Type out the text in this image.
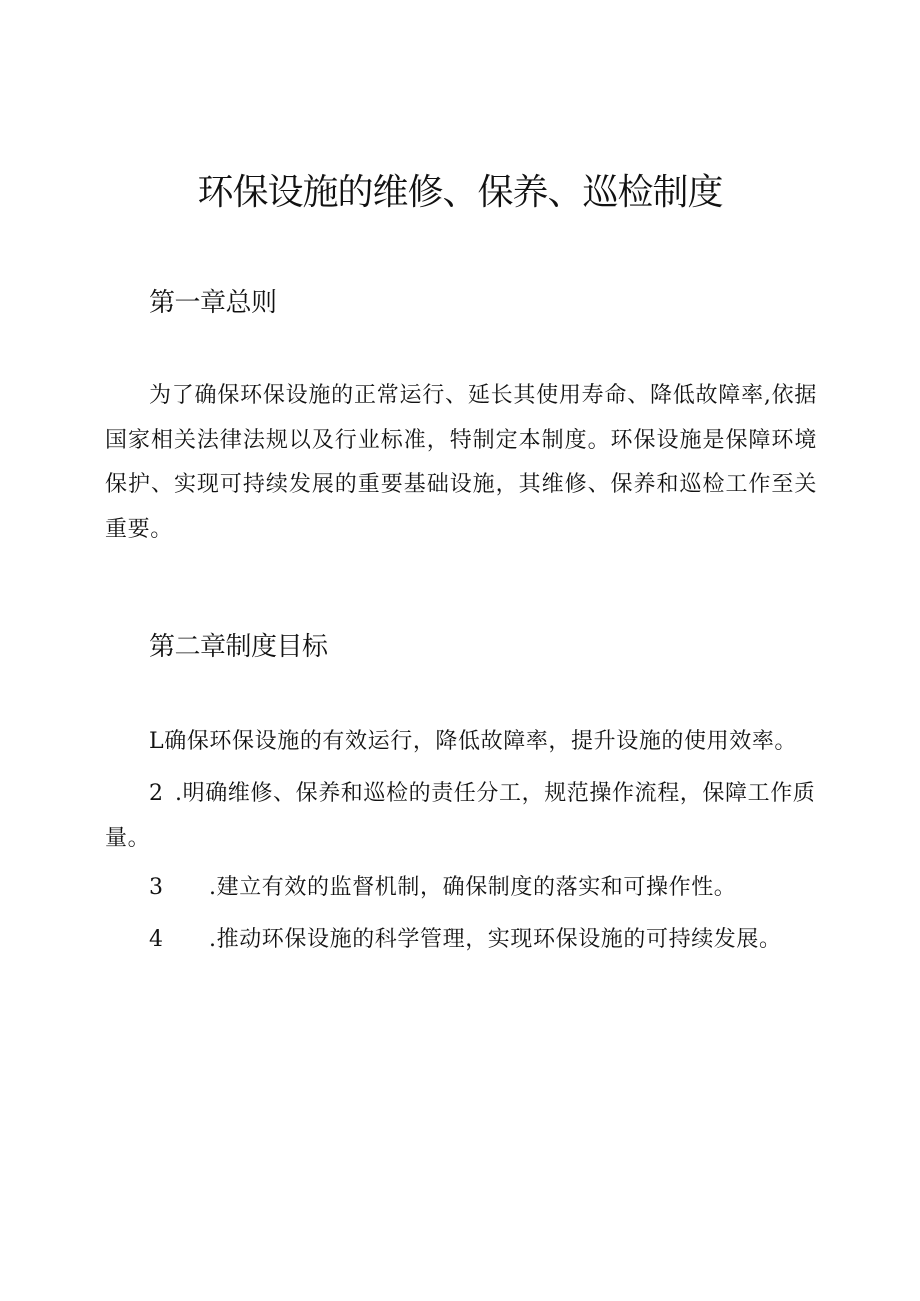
环保设施的维修、保养、巡检制度
第一章总则
为了确保环保设施的正常运行、延长其使用寿命、降低故障率,依据国家相关法律法规以及行业标准，特制定本制度。环保设施是保障环境保护、实现可持续发展的重要基础设施，其维修、保养和巡检工作至关重要。
第二章制度目标
L确保环保设施的有效运行，降低故障率，提升设施的使用效率。
2 .明确维修、保养和巡检的责任分工，规范操作流程，保障工作质量。
3 .建立有效的监督机制，确保制度的落实和可操作性。
4 .推动环保设施的科学管理，实现环保设施的可持续发展。
